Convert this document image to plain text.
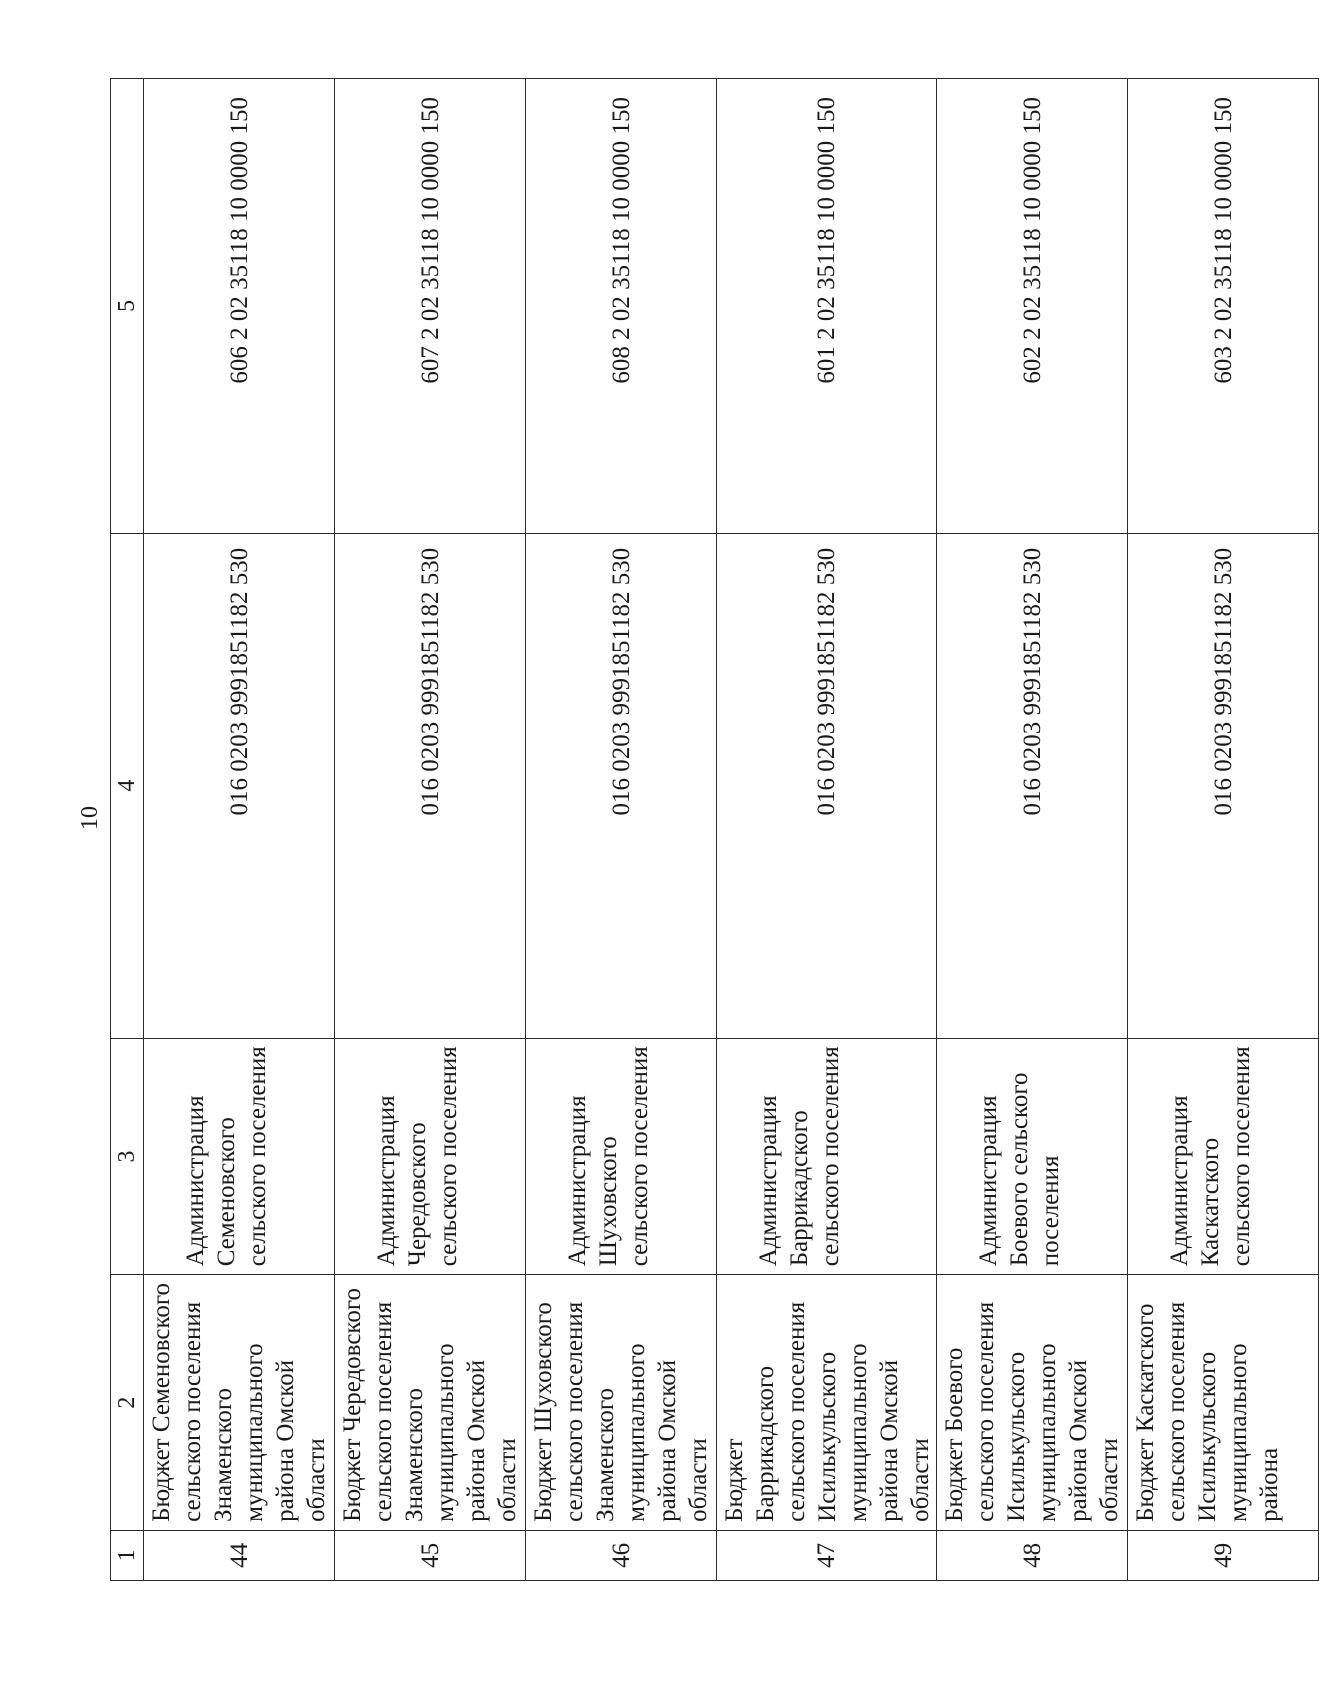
10
1	2	3	4	5
44	Бюджет Семеновского сельского поселения Знаменского муниципального района Омской области	Администрация Семеновского сельского поселения	016 0203 9991851182 530	606 2 02 35118 10 0000 150
45	Бюджет Чередовского сельского поселения Знаменского муниципального района Омской области	Администрация Чередовского сельского поселения	016 0203 9991851182 530	607 2 02 35118 10 0000 150
46	Бюджет Шуховского сельского поселения Знаменского муниципального района Омской области	Администрация Шуховского сельского поселения	016 0203 9991851182 530	608 2 02 35118 10 0000 150
47	Бюджет Баррикадского сельского поселения Исилькульского муниципального района Омской области	Администрация Баррикадского сельского поселения	016 0203 9991851182 530	601 2 02 35118 10 0000 150
48	Бюджет Боевого сельского поселения Исилькульского муниципального района Омской области	Администрация Боевого сельского поселения	016 0203 9991851182 530	602 2 02 35118 10 0000 150
49	Бюджет Каскатского сельского поселения Исилькульского муниципального района	Администрация Каскатского сельского поселения	016 0203 9991851182 530	603 2 02 35118 10 0000 150
